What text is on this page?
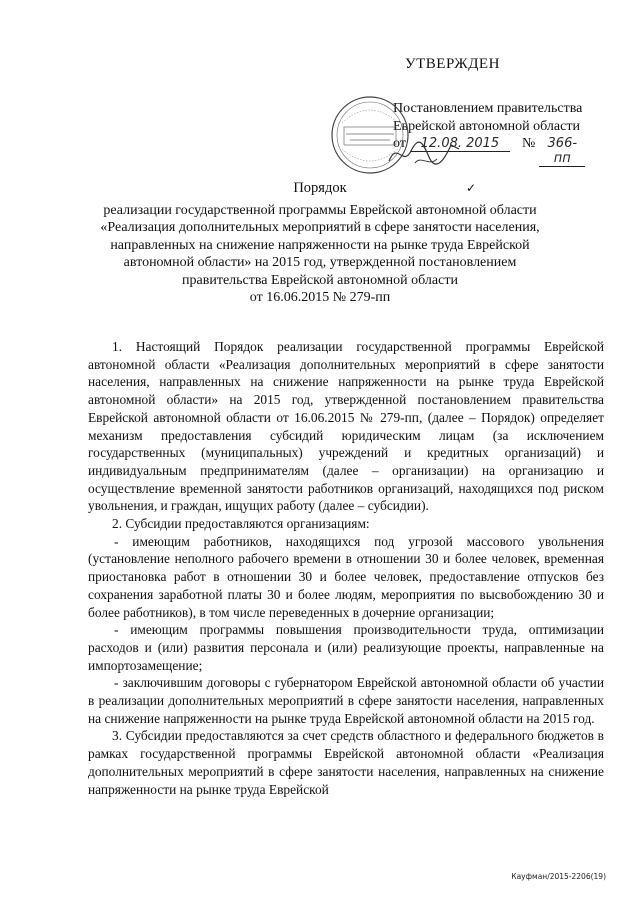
УТВЕРЖДЕН
Постановлением правительства
Еврейской автономной области
от	12.08. 2015	№ 366-пп
✓
Порядок
реализации государственной программы Еврейской автономной области
«Реализация дополнительных мероприятий в сфере занятости населения,
направленных на снижение напряженности на рынке труда Еврейской
автономной области» на 2015 год, утвержденной постановлением
правительства Еврейской автономной области
от 16.06.2015 № 279-пп

1. Настоящий Порядок реализации государственной программы Еврейской автономной области «Реализация дополнительных мероприятий в сфере занятости населения, направленных на снижение напряженности на рынке труда Еврейской автономной области» на 2015 год, утвержденной постановлением правительства Еврейской автономной области от 16.06.2015 № 279-пп, (далее – Порядок) определяет механизм предоставления субсидий юридическим лицам (за исключением государственных (муниципальных) учреждений и кредитных организаций) и индивидуальным предпринимателям (далее – организации) на организацию и осуществление временной занятости работников организаций, находящихся под риском увольнения, и граждан, ищущих работу (далее – субсидии).

2. Субсидии предоставляются организациям:

- имеющим работников, находящихся под угрозой массового увольнения (установление неполного рабочего времени в отношении 30 и более человек, временная приостановка работ в отношении 30 и более человек, предоставление отпусков без сохранения заработной платы 30 и более людям, мероприятия по высвобождению 30 и более работников), в том числе переведенных в дочерние организации;

- имеющим программы повышения производительности труда, оптимизации расходов и (или) развития персонала и (или) реализующие проекты, направленные на импортозамещение;

- заключившим договоры с губернатором Еврейской автономной области об участии в реализации дополнительных мероприятий в сфере занятости населения, направленных на снижение напряженности на рынке труда Еврейской автономной области на 2015 год.

3. Субсидии предоставляются за счет средств областного и федерального бюджетов в рамках государственной программы Еврейской автономной области «Реализация дополнительных мероприятий в сфере занятости населения, направленных на снижение напряженности на рынке труда Еврейской

Кауфман/2015-2206(19)
